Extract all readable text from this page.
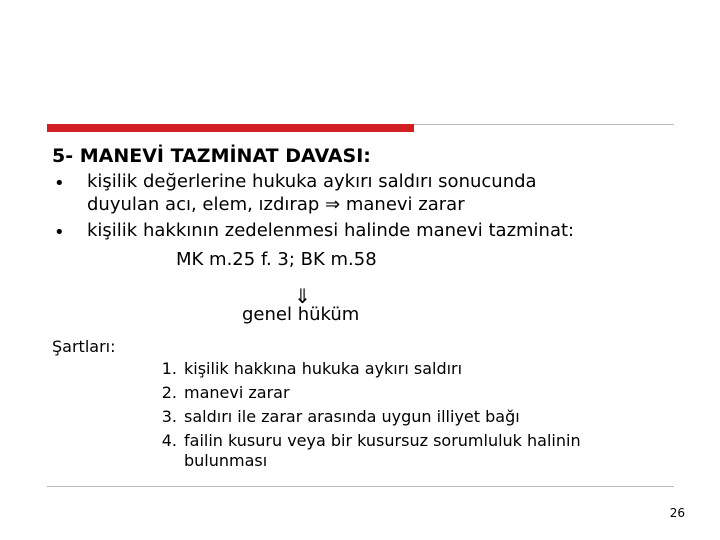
5- MANEVİ TAZMİNAT DAVASI:
• kişilik değerlerine hukuka aykırı saldırı sonucunda
duyulan acı, elem, ızdırap ⇒ manevi zarar
• kişilik hakkının zedelenmesi halinde manevi tazminat:
MK m.25 f. 3; BK m.58
⇓
genel hüküm
Şartları:
1. kişilik hakkına hukuka aykırı saldırı
2. manevi zarar
3. saldırı ile zarar arasında uygun illiyet bağı
4. failin kusuru veya bir kusursuz sorumluluk halinin
bulunması
26
